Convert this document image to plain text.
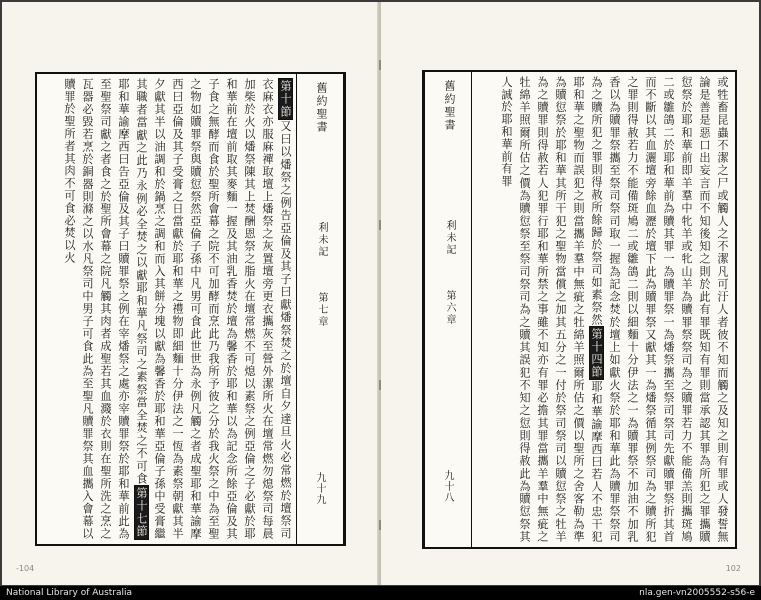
-104
第十節又曰以燔祭之例告亞倫及其子曰獻燔祭焚之於壇自夕達旦火必常燃於壇祭司衣麻衣亦服麻襌取壇上燔祭之灰置壇旁更衣攜灰至營外潔所火在壇常燃勿熄祭司每晨加柴於火以燔祭陳其上焚酬恩祭之脂火在壇常燃不可熄以素祭之例亞倫之子必獻於耶和華前在壇前取其麥麵一握及其油乳香焚於壇為馨香於耶和華以為記念所餘亞倫及其子食之無酵而食於聖所會幕之院不可加酵而烹此乃我所予彼之分於我火祭之中為至聖之物如贖罪祭與贖愆祭然亞倫子孫中凡男可食此世世為永例凡觸之者成聖耶和華諭摩西曰亞倫及其子受膏之日當獻於耶和華之禮物即細麵十分伊法之一恆為素祭朝獻其半夕獻其半以油調和於鍋烹之調和而入其餅分塊以獻為馨香於耶和華亞倫子孫中受膏繼其職者當獻之此乃永例必全焚之以獻耶和華凡祭司之素祭當全焚之不可食第十七節耶和華諭摩西曰告亞倫及其子曰贖罪祭之例在宰燔祭之處亦宰贖罪祭於耶和華前此為至聖祭司獻之者食之於聖所會幕之院凡觸其肉者成聖若其血濺於衣則在聖所洗之烹之瓦器必毀若烹於銅器則滌之以水凡祭司中男子可食此為至聖凡贖罪祭其血攜入會幕以贖罪於聖所者其肉不可食必焚以火	舊約聖書
利未記
第七章
九十九
舊約聖書
利未記
第六章
九十八	或牲畜昆蟲不潔之尸或觸人之不潔凡可汙人者彼不知而觸之及知之則有罪或人發誓無論是善是惡口出妄言而不知後知之則於此有罪既知有罪則當承認其罪為所犯之罪攜贖愆祭於耶和華前即羊羣中牝羊或牝山羊為贖罪祭祭司為之贖罪若力不能備羔則攜斑鳩二或雛鴿二於耶和華前為贖其罪一為贖罪祭一為燔祭攜至祭司祭司先獻贖罪祭折其首而不斷以其血灑壇旁餘血瀝於壇下此為贖罪祭又獻其一為燔祭循其例祭司為之贖所犯之罪則得赦若力不能備斑鳩二或雛鴿二則以細麵十分伊法之一為贖罪祭不加油不加乳香以為贖罪祭攜至祭司祭司取一握為記念焚於壇上如獻火祭於耶和華此為贖罪祭祭司為之贖所犯之罪則得赦所餘歸於祭司如素祭然第十四節耶和華諭摩西曰若人不忠干犯耶和華之聖物而誤犯之則當攜羊羣中無疵之牡綿羊照爾所估之價以聖所之舍客勒為準為贖愆祭於耶和華其所干犯之聖物當償之加其五分之一付於祭司祭司以贖愆祭之牡羊為之贖罪則得赦若人犯罪行耶和華所禁之事雖不知亦有罪必擔其罪當攜羊羣中無疵之牡綿羊照爾所估之價為贖愆祭至祭司祭司為之贖其誤犯不知之愆則得赦此為贖愆祭其人誠於耶和華前有罪
102
National Library of Australia	nla.gen-vn2005552-s56-e
